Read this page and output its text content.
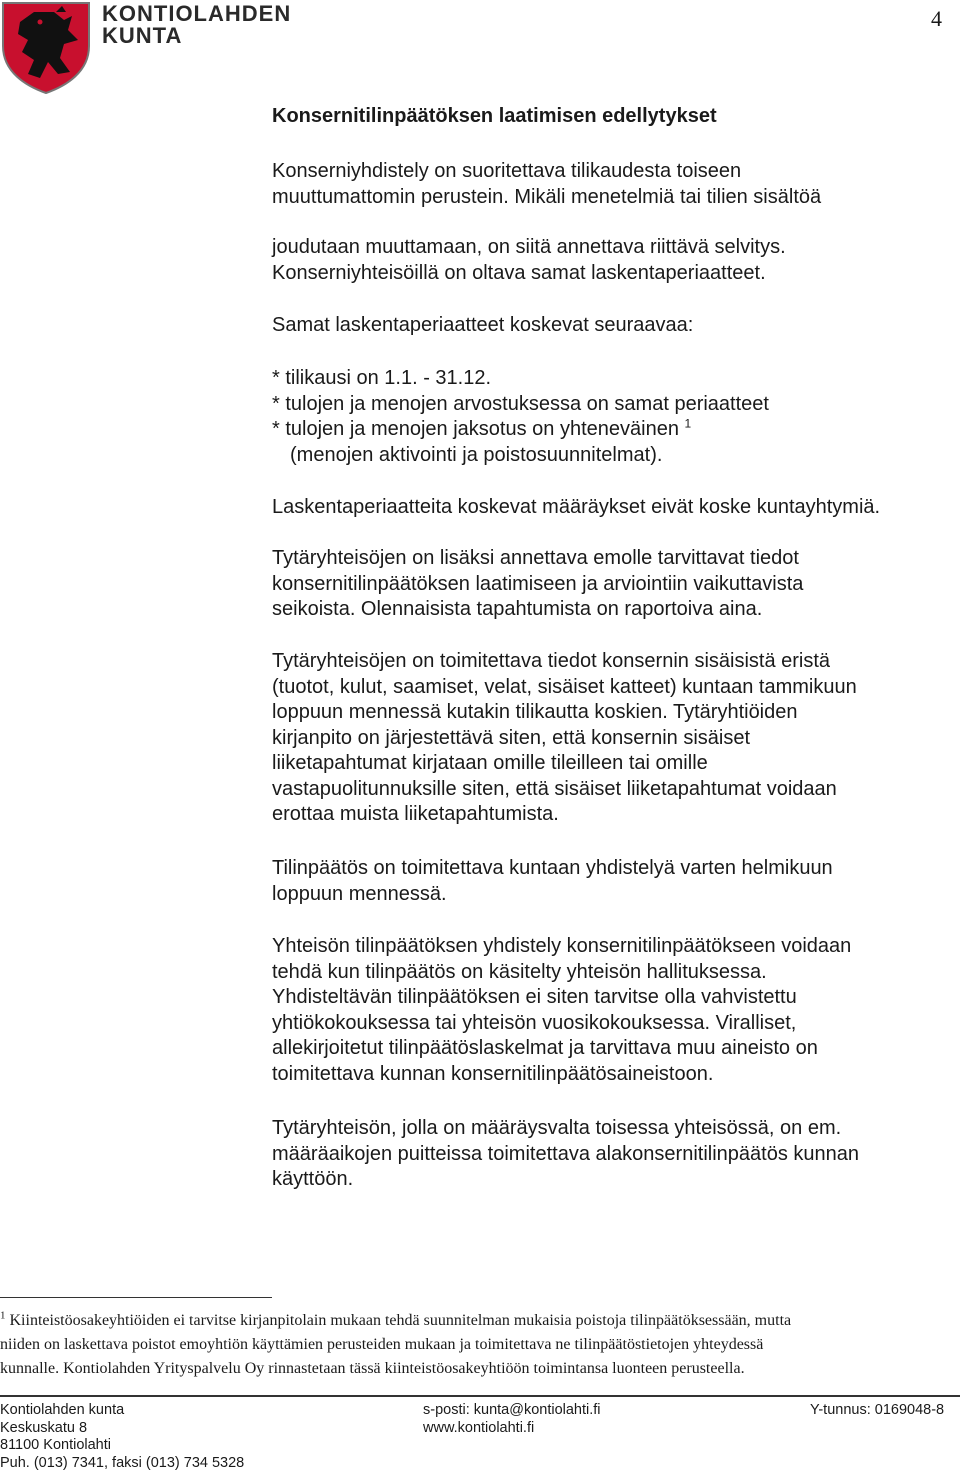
KONTIOLAHDEN
KUNTA
4
Konsernitilinpäätöksen laatimisen edellytykset
Konserniyhdistely on suoritettava tilikaudesta toiseen
muuttumattomin perustein. Mikäli menetelmiä tai tilien sisältöä
joudutaan muuttamaan, on siitä annettava riittävä selvitys.
Konserniyhteisöillä on oltava samat laskentaperiaatteet.
Samat laskentaperiaatteet koskevat seuraavaa:
* tilikausi on 1.1. - 31.12.
* tulojen ja menojen arvostuksessa on samat periaatteet
* tulojen ja menojen jaksotus on yhteneväinen $^1$
(menojen aktivointi ja poistosuunnitelmat).
Laskentaperiaatteita koskevat määräykset eivät koske kuntayhtymiä.
Tytäryhteisöjen on lisäksi annettava emolle tarvittavat tiedot
konsernitilinpäätöksen laatimiseen ja arviointiin vaikuttavista
seikoista. Olennaisista tapahtumista on raportoiva aina.
Tytäryhteisöjen on toimitettava tiedot konsernin sisäisistä eristä
(tuotot, kulut, saamiset, velat, sisäiset katteet) kuntaan tammikuun
loppuun mennessä kutakin tilikautta koskien. Tytäryhtiöiden
kirjanpito on järjestettävä siten, että konsernin sisäiset
liiketapahtumat kirjataan omille tileilleen tai omille
vastapuolitunnuksille siten, että sisäiset liiketapahtumat voidaan
erottaa muista liiketapahtumista.
Tilinpäätös on toimitettava kuntaan yhdistelyä varten helmikuun
loppuun mennessä.
Yhteisön tilinpäätöksen yhdistely konsernitilinpäätökseen voidaan
tehdä kun tilinpäätös on käsitelty yhteisön hallituksessa.
Yhdisteltävän tilinpäätöksen ei siten tarvitse olla vahvistettu
yhtiökokouksessa tai yhteisön vuosikokouksessa. Viralliset,
allekirjoitetut tilinpäätöslaskelmat ja tarvittava muu aineisto on
toimitettava kunnan konsernitilinpäätösaineistoon.
Tytäryhteisön, jolla on määräysvalta toisessa yhteisössä, on em.
määräaikojen puitteissa toimitettava alakonsernitilinpäätös kunnan
käyttöön.
$^1$ Kiinteistöosakeyhtiöiden ei tarvitse kirjanpitolain mukaan tehdä suunnitelman mukaisia poistoja tilinpäätöksessään, mutta
niiden on laskettava poistot emoyhtiön käyttämien perusteiden mukaan ja toimitettava ne tilinpäätöstietojen yhteydessä
kunnalle. Kontiolahden Yrityspalvelu Oy rinnastetaan tässä kiinteistöosakeyhtiöön toimintansa luonteen perusteella.
Kontiolahden kunta
Keskuskatu 8
81100 Kontiolahti
Puh. (013) 7341, faksi (013) 734 5328
s-posti: kunta@kontiolahti.fi
www.kontiolahti.fi
Y-tunnus: 0169048-8
